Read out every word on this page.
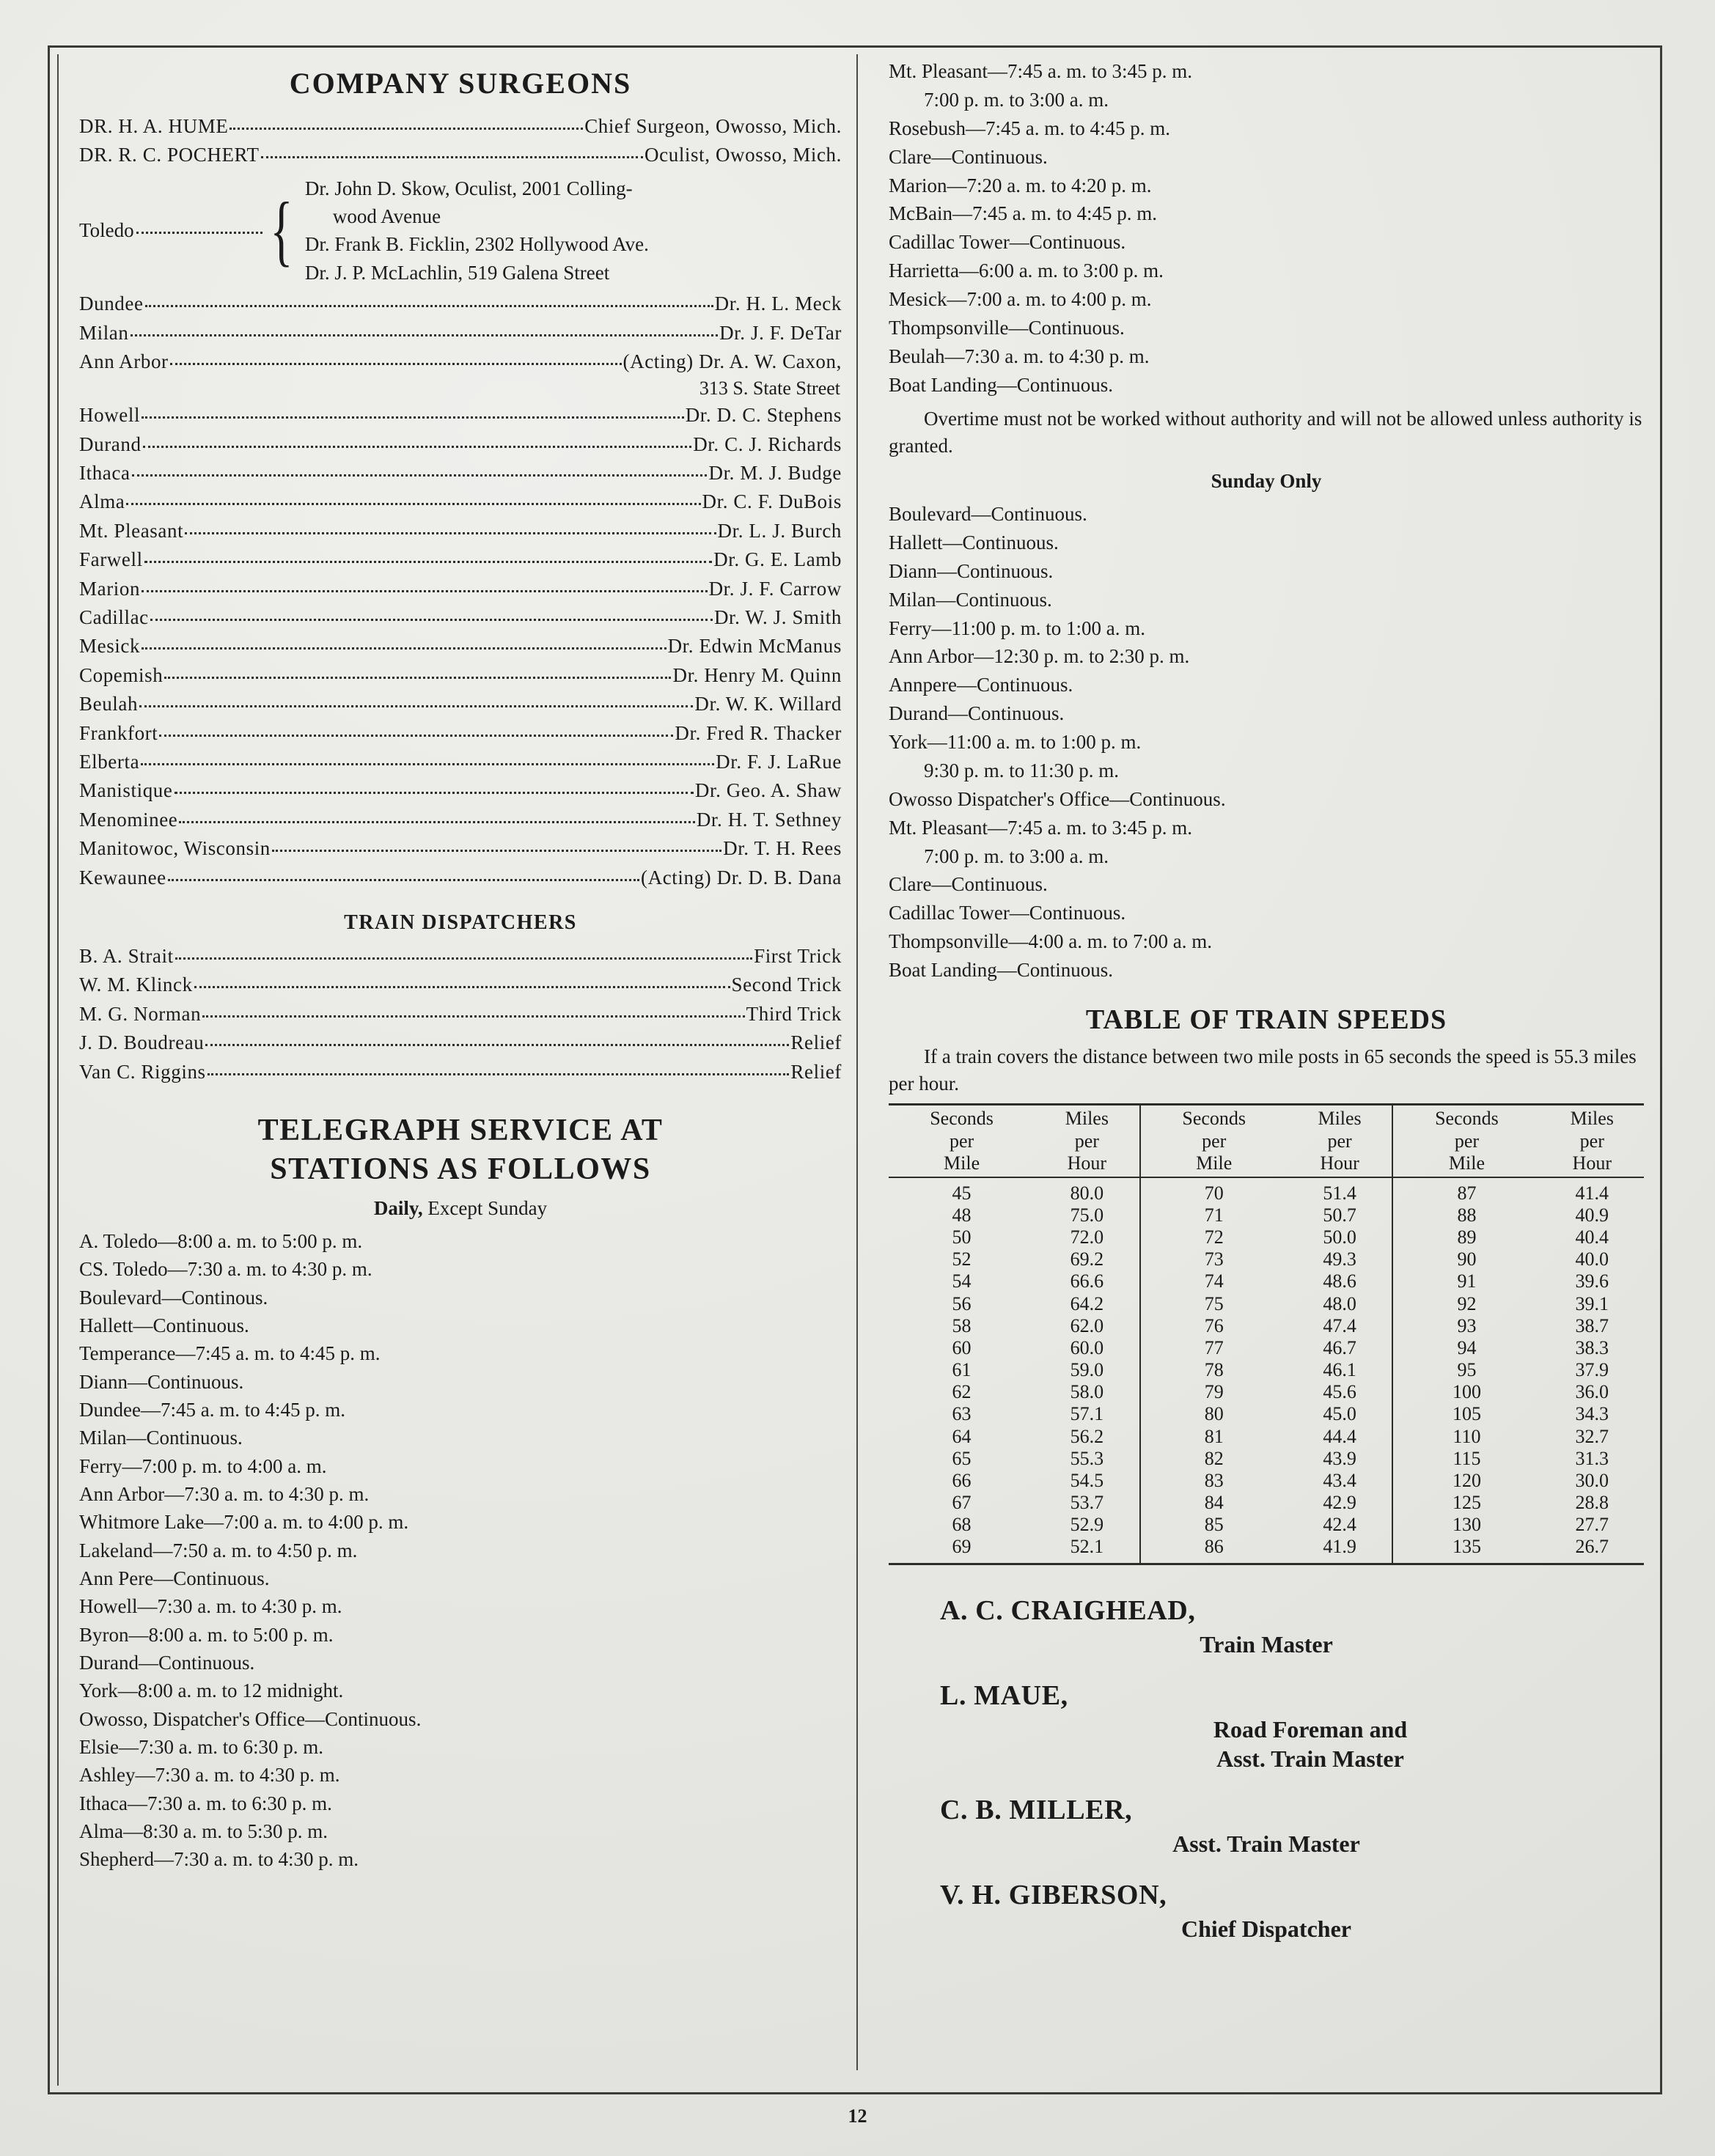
COMPANY SURGEONS
DR. H. A. HUME	Chief Surgeon, Owosso, Mich.
DR. R. C. POCHERT	Oculist, Owosso, Mich.
Toledo { Dr. John D. Skow, Oculist, 2001 Colling-
wood Avenue
Dr. Frank B. Ficklin, 2302 Hollywood Ave.
Dr. J. P. McLachlin, 519 Galena Street
Dundee	Dr. H. L. Meck
Milan	Dr. J. F. DeTar
Ann Arbor	(Acting) Dr. A. W. Caxon,
313 S. State Street
Howell	Dr. D. C. Stephens
Durand	Dr. C. J. Richards
Ithaca	Dr. M. J. Budge
Alma	Dr. C. F. DuBois
Mt. Pleasant	Dr. L. J. Burch
Farwell	Dr. G. E. Lamb
Marion	Dr. J. F. Carrow
Cadillac	Dr. W. J. Smith
Mesick	Dr. Edwin McManus
Copemish	Dr. Henry M. Quinn
Beulah	Dr. W. K. Willard
Frankfort	Dr. Fred R. Thacker
Elberta	Dr. F. J. LaRue
Manistique	Dr. Geo. A. Shaw
Menominee	Dr. H. T. Sethney
Manitowoc, Wisconsin	Dr. T. H. Rees
Kewaunee	(Acting) Dr. D. B. Dana
TRAIN DISPATCHERS
B. A. Strait	First Trick
W. M. Klinck	Second Trick
M. G. Norman	Third Trick
J. D. Boudreau	Relief
Van C. Riggins	Relief
TELEGRAPH SERVICE AT
STATIONS AS FOLLOWS
Daily, Except Sunday
A. Toledo—8:00 a. m. to 5:00 p. m.
CS. Toledo—7:30 a. m. to 4:30 p. m.
Boulevard—Continous.
Hallett—Continuous.
Temperance—7:45 a. m. to 4:45 p. m.
Diann—Continuous.
Dundee—7:45 a. m. to 4:45 p. m.
Milan—Continuous.
Ferry—7:00 p. m. to 4:00 a. m.
Ann Arbor—7:30 a. m. to 4:30 p. m.
Whitmore Lake—7:00 a. m. to 4:00 p. m.
Lakeland—7:50 a. m. to 4:50 p. m.
Ann Pere—Continuous.
Howell—7:30 a. m. to 4:30 p. m.
Byron—8:00 a. m. to 5:00 p. m.
Durand—Continuous.
York—8:00 a. m. to 12 midnight.
Owosso, Dispatcher's Office—Continuous.
Elsie—7:30 a. m. to 6:30 p. m.
Ashley—7:30 a. m. to 4:30 p. m.
Ithaca—7:30 a. m. to 6:30 p. m.
Alma—8:30 a. m. to 5:30 p. m.
Shepherd—7:30 a. m. to 4:30 p. m.
Mt. Pleasant—7:45 a. m. to 3:45 p. m.
7:00 p. m. to 3:00 a. m.
Rosebush—7:45 a. m. to 4:45 p. m.
Clare—Continuous.
Marion—7:20 a. m. to 4:20 p. m.
McBain—7:45 a. m. to 4:45 p. m.
Cadillac Tower—Continuous.
Harrietta—6:00 a. m. to 3:00 p. m.
Mesick—7:00 a. m. to 4:00 p. m.
Thompsonville—Continuous.
Beulah—7:30 a. m. to 4:30 p. m.
Boat Landing—Continuous.
Overtime must not be worked without authority and will not be allowed unless authority is granted.
Sunday Only
Boulevard—Continuous.
Hallett—Continuous.
Diann—Continuous.
Milan—Continuous.
Ferry—11:00 p. m. to 1:00 a. m.
Ann Arbor—12:30 p. m. to 2:30 p. m.
Annpere—Continuous.
Durand—Continuous.
York—11:00 a. m. to 1:00 p. m.
9:30 p. m. to 11:30 p. m.
Owosso Dispatcher's Office—Continuous.
Mt. Pleasant—7:45 a. m. to 3:45 p. m.
7:00 p. m. to 3:00 a. m.
Clare—Continuous.
Cadillac Tower—Continuous.
Thompsonville—4:00 a. m. to 7:00 a. m.
Boat Landing—Continuous.
TABLE OF TRAIN SPEEDS
If a train covers the distance between two mile posts in 65 seconds the speed is 55.3 miles per hour.
Seconds
per
Mile	Miles
per
Hour	Seconds
per
Mile	Miles
per
Hour	Seconds
per
Mile	Miles
per
Hour

45	80.0	70	51.4	87	41.4
48	75.0	71	50.7	88	40.9
50	72.0	72	50.0	89	40.4
52	69.2	73	49.3	90	40.0
54	66.6	74	48.6	91	39.6
56	64.2	75	48.0	92	39.1
58	62.0	76	47.4	93	38.7
60	60.0	77	46.7	94	38.3
61	59.0	78	46.1	95	37.9
62	58.0	79	45.6	100	36.0
63	57.1	80	45.0	105	34.3
64	56.2	81	44.4	110	32.7
65	55.3	82	43.9	115	31.3
66	54.5	83	43.4	120	30.0
67	53.7	84	42.9	125	28.8
68	52.9	85	42.4	130	27.7
69	52.1	86	41.9	135	26.7
A. C. CRAIGHEAD,
Train Master
L. MAUE,
Road Foreman and
Asst. Train Master
C. B. MILLER,
Asst. Train Master
V. H. GIBERSON,
Chief Dispatcher
12
